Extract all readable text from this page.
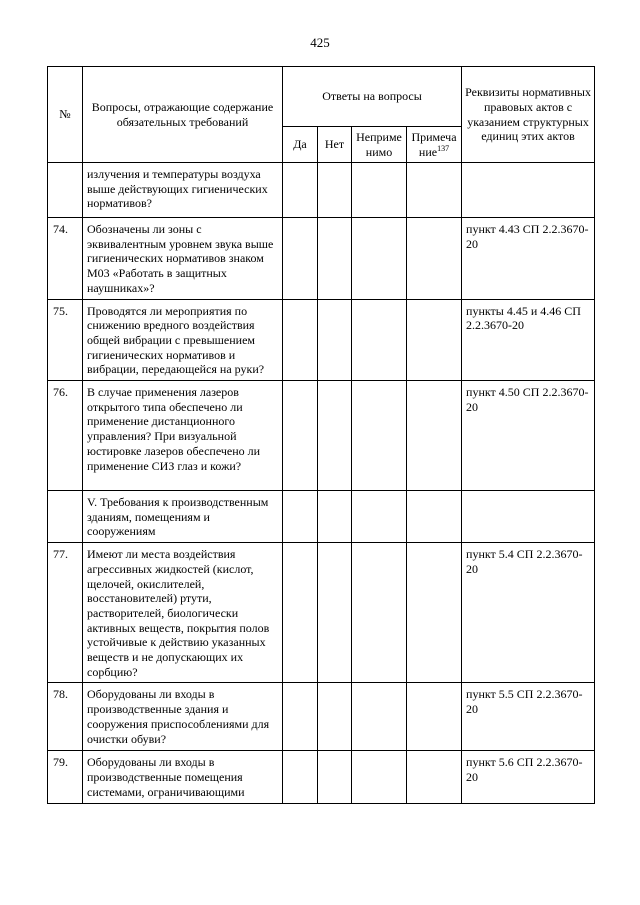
425
№	Вопросы, отражающие содержание обязательных требований	Ответы на вопросы				Реквизиты нормативных правовых актов с указанием структурных единиц этих актов
		Да	Нет	Неприменимо	Примечание$^{137}$
	излучения и температуры воздуха выше действующих гигиенических нормативов?					
74.	Обозначены ли зоны с эквивалентным уровнем звука выше гигиенических нормативов знаком М03 «Работать в защитных наушниках»?					пункт 4.43 СП 2.2.3670-20
75.	Проводятся ли мероприятия по снижению вредного воздействия общей вибрации с превышением гигиенических нормативов и вибрации, передающейся на руки?					пункты 4.45 и 4.46 СП 2.2.3670-20
76.	В случае применения лазеров открытого типа обеспечено ли применение дистанционного управления? При визуальной юстировке лазеров обеспечено ли применение СИЗ глаз и кожи?					пункт 4.50 СП 2.2.3670-20
	V. Требования к производственным зданиям, помещениям и сооружениям					
77.	Имеют ли места воздействия агрессивных жидкостей (кислот, щелочей, окислителей, восстановителей) ртути, растворителей, биологически активных веществ, покрытия полов устойчивые к действию указанных веществ и не допускающих их сорбцию?					пункт 5.4 СП 2.2.3670-20
78.	Оборудованы ли входы в производственные здания и сооружения приспособлениями для очистки обуви?					пункт 5.5 СП 2.2.3670-20
79.	Оборудованы ли входы в производственные помещения системами, ограничивающими					пункт 5.6 СП 2.2.3670-20
